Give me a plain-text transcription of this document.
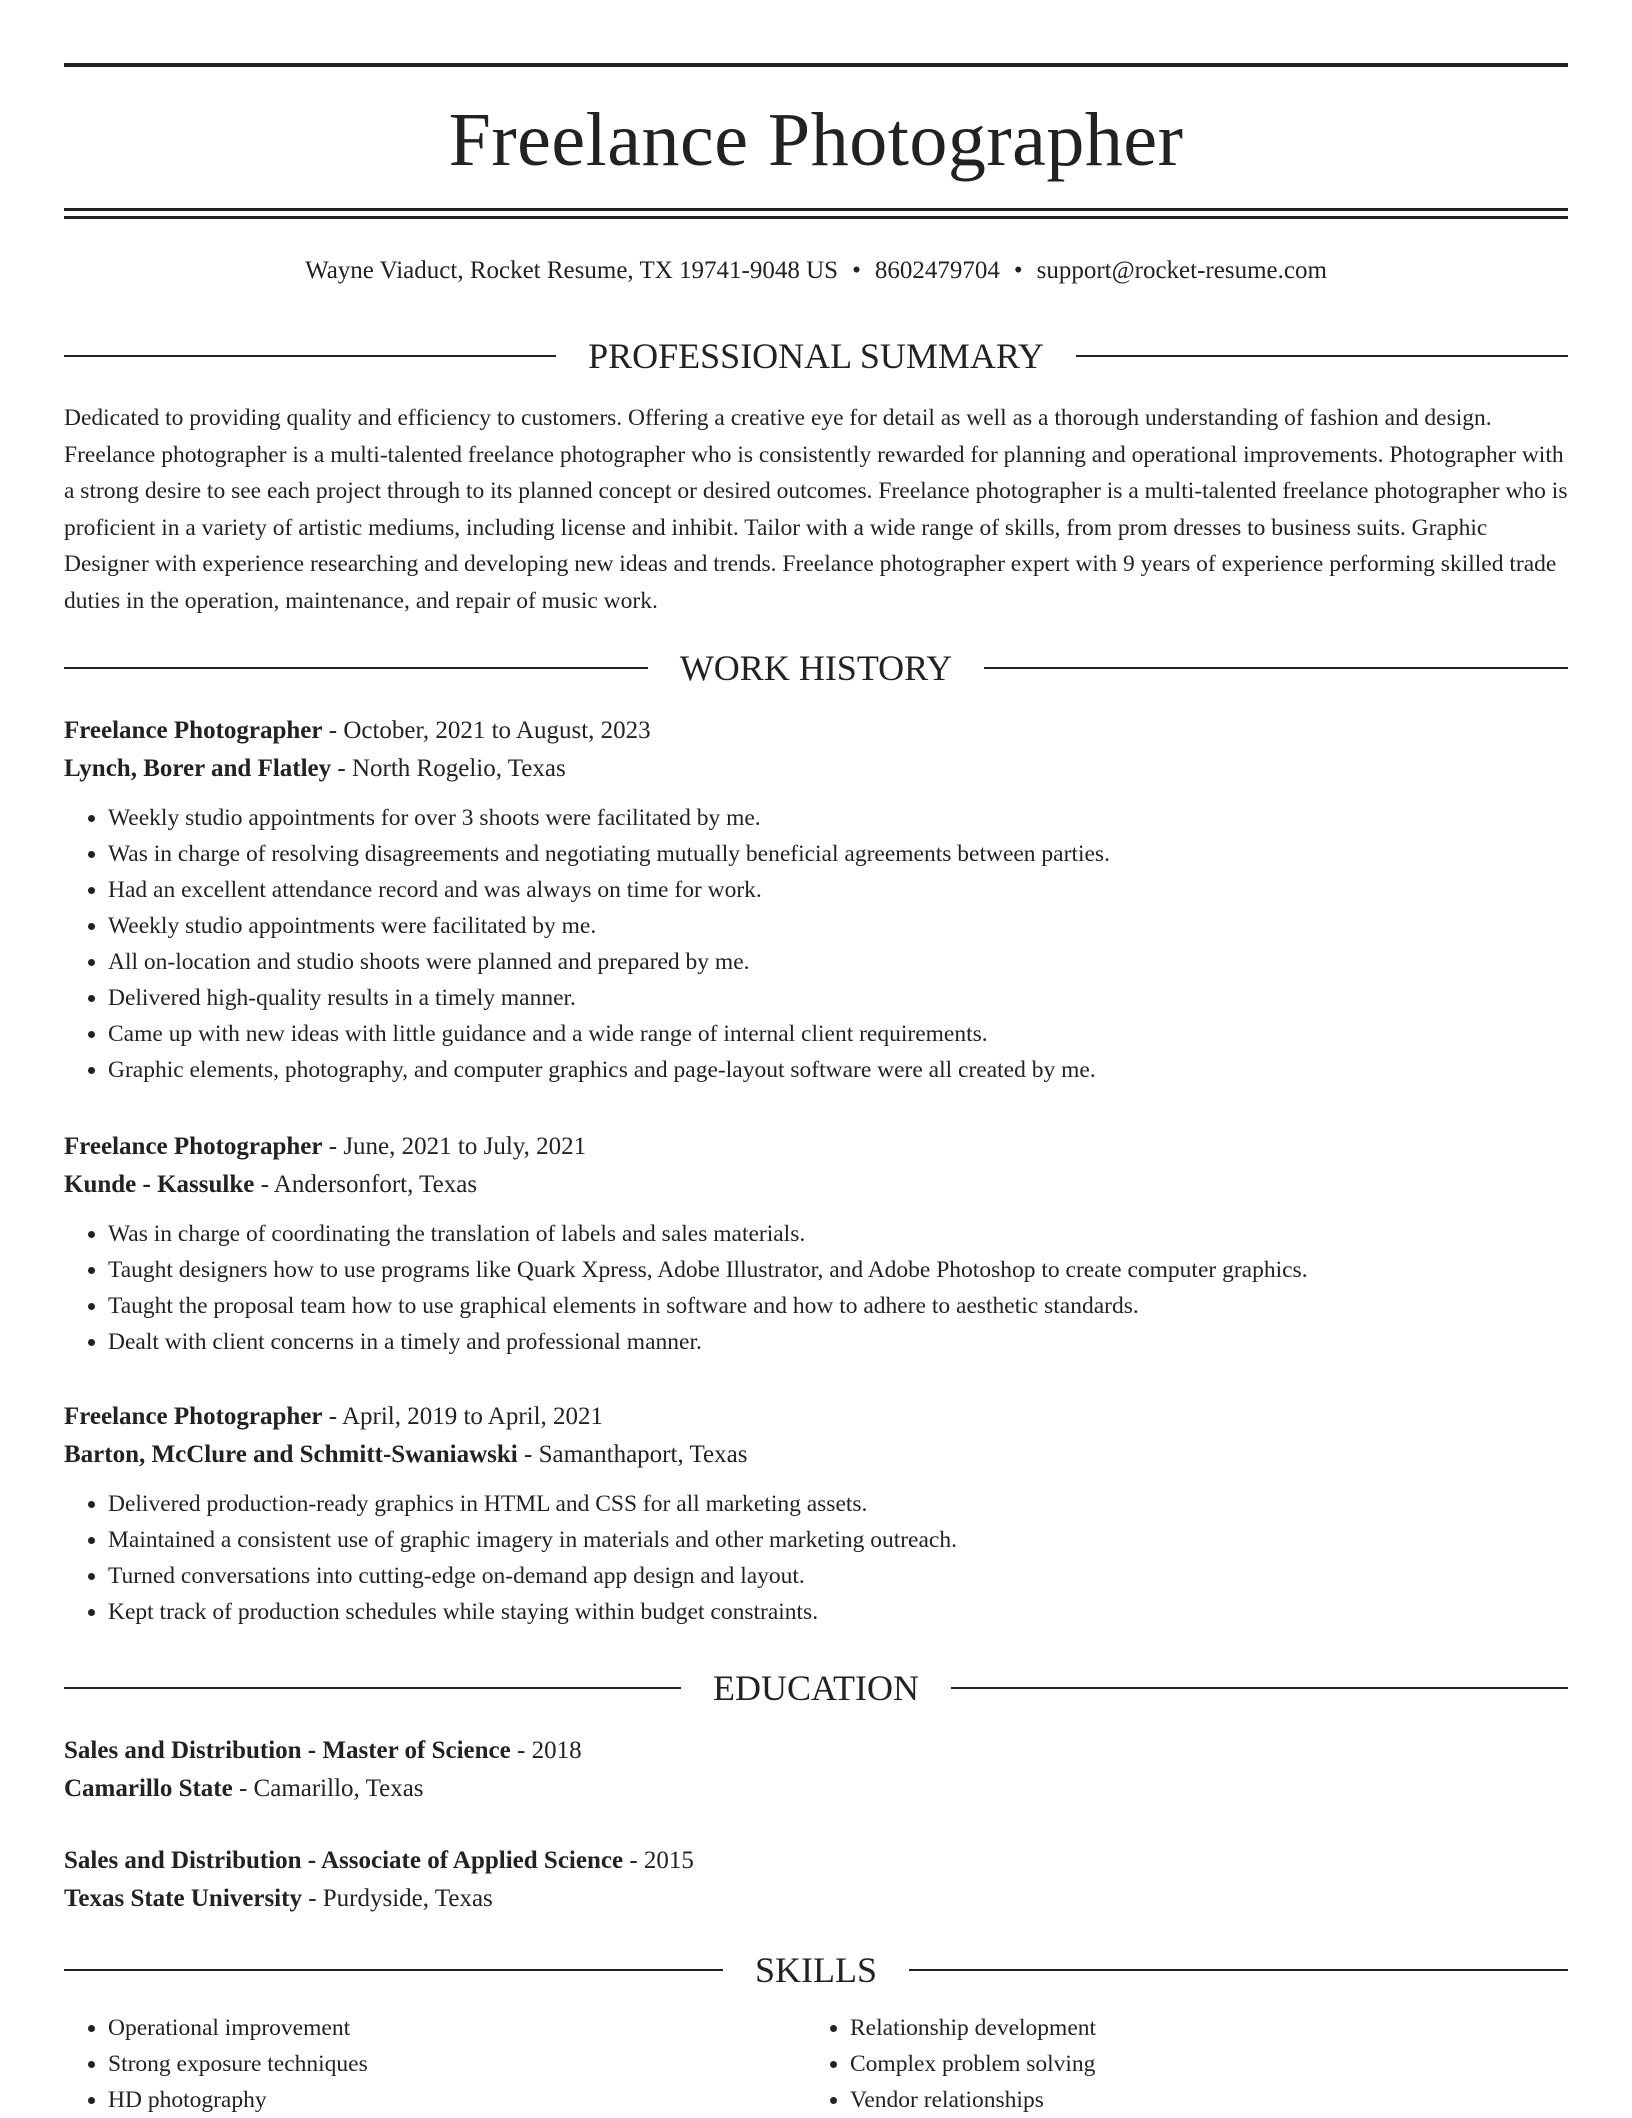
Freelance Photographer
Wayne Viaduct, Rocket Resume, TX 19741-9048 US • 8602479704 • support@rocket-resume.com
PROFESSIONAL SUMMARY

Dedicated to providing quality and efficiency to customers. Offering a creative eye for detail as well as a thorough understanding of fashion and design. Freelance photographer is a multi-talented freelance photographer who is consistently rewarded for planning and operational improvements. Photographer with a strong desire to see each project through to its planned concept or desired outcomes. Freelance photographer is a multi-talented freelance photographer who is proficient in a variety of artistic mediums, including license and inhibit. Tailor with a wide range of skills, from prom dresses to business suits. Graphic Designer with experience researching and developing new ideas and trends. Freelance photographer expert with 9 years of experience performing skilled trade duties in the operation, maintenance, and repair of music work.

WORK HISTORY
Freelance Photographer - October, 2021 to August, 2023
Lynch, Borer and Flatley - North Rogelio, Texas
• Weekly studio appointments for over 3 shoots were facilitated by me.
• Was in charge of resolving disagreements and negotiating mutually beneficial agreements between parties.
• Had an excellent attendance record and was always on time for work.
• Weekly studio appointments were facilitated by me.
• All on-location and studio shoots were planned and prepared by me.
• Delivered high-quality results in a timely manner.
• Came up with new ideas with little guidance and a wide range of internal client requirements.
• Graphic elements, photography, and computer graphics and page-layout software were all created by me.
Freelance Photographer - June, 2021 to July, 2021
Kunde - Kassulke - Andersonfort, Texas
• Was in charge of coordinating the translation of labels and sales materials.
• Taught designers how to use programs like Quark Xpress, Adobe Illustrator, and Adobe Photoshop to create computer graphics.
• Taught the proposal team how to use graphical elements in software and how to adhere to aesthetic standards.
• Dealt with client concerns in a timely and professional manner.
Freelance Photographer - April, 2019 to April, 2021
Barton, McClure and Schmitt-Swaniawski - Samanthaport, Texas
• Delivered production-ready graphics in HTML and CSS for all marketing assets.
• Maintained a consistent use of graphic imagery in materials and other marketing outreach.
• Turned conversations into cutting-edge on-demand app design and layout.
• Kept track of production schedules while staying within budget constraints.
EDUCATION
Sales and Distribution - Master of Science - 2018
Camarillo State - Camarillo, Texas
Sales and Distribution - Associate of Applied Science - 2015
Texas State University - Purdyside, Texas
SKILLS
• Operational improvement
• Strong exposure techniques
• HD photography
• Relationship development
• Complex problem solving
• Vendor relationships
